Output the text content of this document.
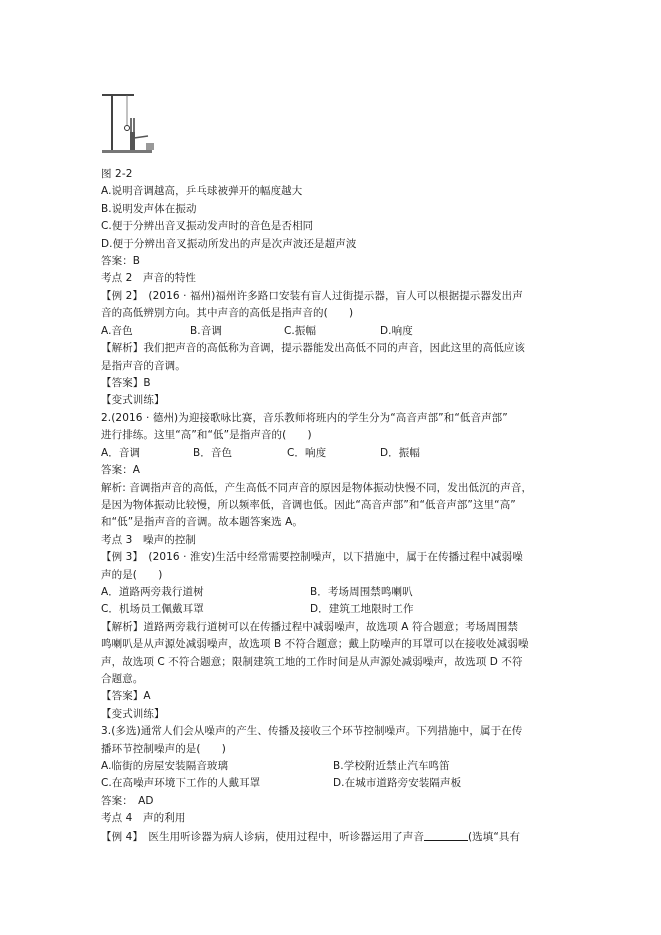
图 2-2
A.说明音调越高，乒乓球被弹开的幅度越大
B.说明发声体在振动
C.便于分辨出音叉振动发声时的音色是否相同
D.便于分辨出音叉振动所发出的声是次声波还是超声波
答案：B
考点 2　声音的特性
【例 2】　(2016 · 福州)福州许多路口安装有盲人过街提示器，盲人可以根据提示器发出声
音的高低辨别方向。其中声音的高低是指声音的(　　)
A.音色	B.音调	C.振幅	D.响度
【解析】我们把声音的高低称为音调，提示器能发出高低不同的声音，因此这里的高低应该
是指声音的音调。
【答案】B
【变式训练】
2.(2016 · 德州)为迎接歌咏比赛，音乐教师将班内的学生分为“高音声部”和“低音声部”
进行排练。这里“高”和“低”是指声音的(　　)
A．音调	B．音色	C．响度	D．振幅
答案：A
解析: 音调指声音的高低，产生高低不同声音的原因是物体振动快慢不同，发出低沉的声音，
是因为物体振动比较慢，所以频率低，音调也低。因此“高音声部”和“低音声部”这里“高”
和“低”是指声音的音调。故本题答案选 A。
考点 3　噪声的控制
【例 3】　(2016 · 淮安)生活中经常需要控制噪声，以下措施中，属于在传播过程中减弱噪
声的是(　　)
A．道路两旁栽行道树	B．考场周围禁鸣喇叭
C．机场员工佩戴耳罩	D．建筑工地限时工作
【解析】道路两旁栽行道树可以在传播过程中减弱噪声，故选项 A 符合题意；考场周围禁
鸣喇叭是从声源处减弱噪声，故选项 B 不符合题意；戴上防噪声的耳罩可以在接收处减弱噪
声，故选项 C 不符合题意；限制建筑工地的工作时间是从声源处减弱噪声，故选项 D 不符
合题意。
【答案】A
【变式训练】
3.(多选)通常人们会从噪声的产生、传播及接收三个环节控制噪声。下列措施中，属于在传
播环节控制噪声的是(　　)
A.临街的房屋安装隔音玻璃	B.学校附近禁止汽车鸣笛
C.在高噪声环境下工作的人戴耳罩	D.在城市道路旁安装隔声板
答案：　AD
考点 4　声的利用
【例 4】　医生用听诊器为病人诊病，使用过程中，听诊器运用了声音	(选填“具有
